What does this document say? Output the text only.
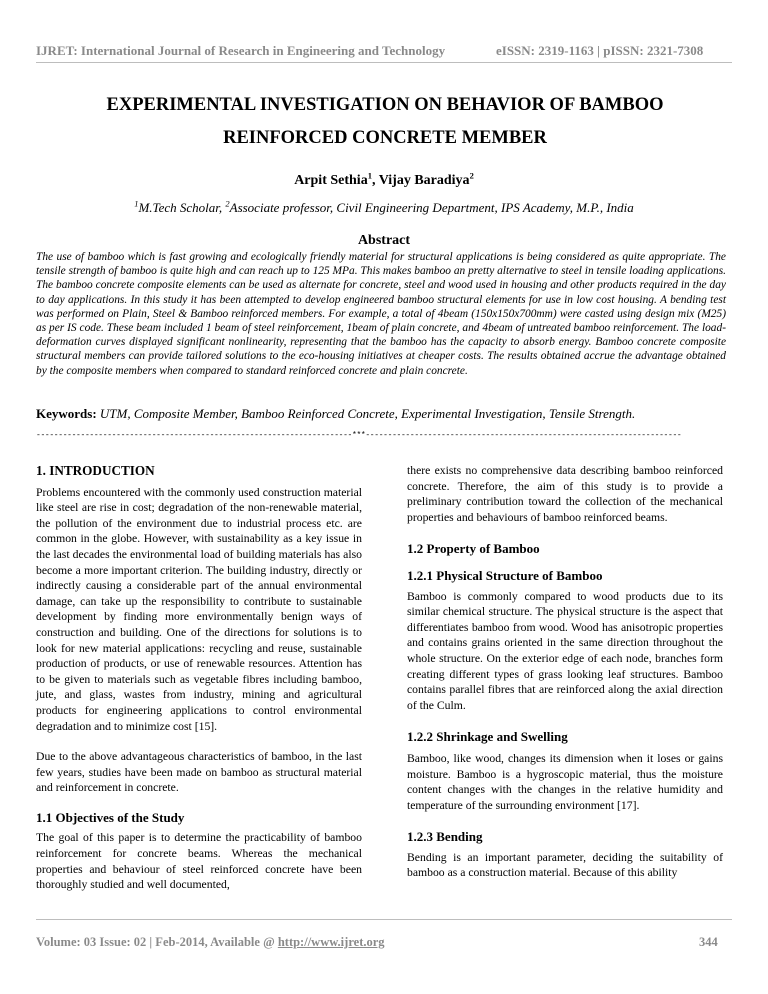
IJRET: International Journal of Research in Engineering and Technology	eISSN: 2319-1163 | pISSN: 2321-7308
EXPERIMENTAL INVESTIGATION ON BEHAVIOR OF BAMBOO
REINFORCED CONCRETE MEMBER
Arpit Sethia$^1$, Vijay Baradiya$^2$
$^1$M.Tech Scholar, $^2$Associate professor, Civil Engineering Department, IPS Academy, M.P., India
Abstract
The use of bamboo which is fast growing and ecologically friendly material for structural applications is being considered as quite appropriate. The tensile strength of bamboo is quite high and can reach up to 125 MPa. This makes bamboo an pretty alternative to steel in tensile loading applications. The bamboo concrete composite elements can be used as alternate for concrete, steel and wood used in housing and other products required in the day to day applications. In this study it has been attempted to develop engineered bamboo structural elements for use in low cost housing. A bending test was performed on Plain, Steel & Bamboo reinforced members. For example, a total of 4beam (150x150x700mm) were casted using design mix (M25) as per IS code. These beam included 1 beam of steel reinforcement, 1beam of plain concrete, and 4beam of untreated bamboo reinforcement. The load-deformation curves displayed significant nonlinearity, representing that the bamboo has the capacity to absorb energy. Bamboo concrete composite structural members can provide tailored solutions to the eco-housing initiatives at cheaper costs. The results obtained accrue the advantage obtained by the composite members when compared to standard reinforced concrete and plain concrete.
Keywords: UTM, Composite Member, Bamboo Reinforced Concrete, Experimental Investigation, Tensile Strength.
-----------------------------------------------------------------------***-----------------------------------------------------------------------
1. INTRODUCTION

Problems encountered with the commonly used construction material like steel are rise in cost; degradation of the non-renewable material, the pollution of the environment due to industrial process etc. are common in the globe. However, with sustainability as a key issue in the last decades the environmental load of building materials has also become a more important criterion. The building industry, directly or indirectly causing a considerable part of the annual environmental damage, can take up the responsibility to contribute to sustainable development by finding more environmentally benign ways of construction and building. One of the directions for solutions is to look for new material applications: recycling and reuse, sustainable production of products, or use of renewable resources. Attention has to be given to materials such as vegetable fibres including bamboo, jute, and glass, wastes from industry, mining and agricultural products for engineering applications to control environmental degradation and to minimize cost [15].

Due to the above advantageous characteristics of bamboo, in the last few years, studies have been made on bamboo as structural material and reinforcement in concrete.

1.1 Objectives of the Study

The goal of this paper is to determine the practicability of bamboo reinforcement for concrete beams. Whereas the mechanical properties and behaviour of steel reinforced concrete have been thoroughly studied and well documented,

there exists no comprehensive data describing bamboo reinforced concrete. Therefore, the aim of this study is to provide a preliminary contribution toward the collection of the mechanical properties and behaviours of bamboo reinforced beams.

1.2 Property of Bamboo
1.2.1 Physical Structure of Bamboo

Bamboo is commonly compared to wood products due to its similar chemical structure. The physical structure is the aspect that differentiates bamboo from wood. Wood has anisotropic properties and contains grains oriented in the same direction throughout the whole structure. On the exterior edge of each node, branches form creating different types of grass looking leaf structures. Bamboo contains parallel fibres that are reinforced along the axial direction of the Culm.

1.2.2 Shrinkage and Swelling

Bamboo, like wood, changes its dimension when it loses or gains moisture. Bamboo is a hygroscopic material, thus the moisture content changes with the changes in the relative humidity and temperature of the surrounding environment [17].

1.2.3 Bending

Bending is an important parameter, deciding the suitability of bamboo as a construction material. Because of this ability

Volume: 03 Issue: 02 | Feb-2014, Available @ http://www.ijret.org	344
